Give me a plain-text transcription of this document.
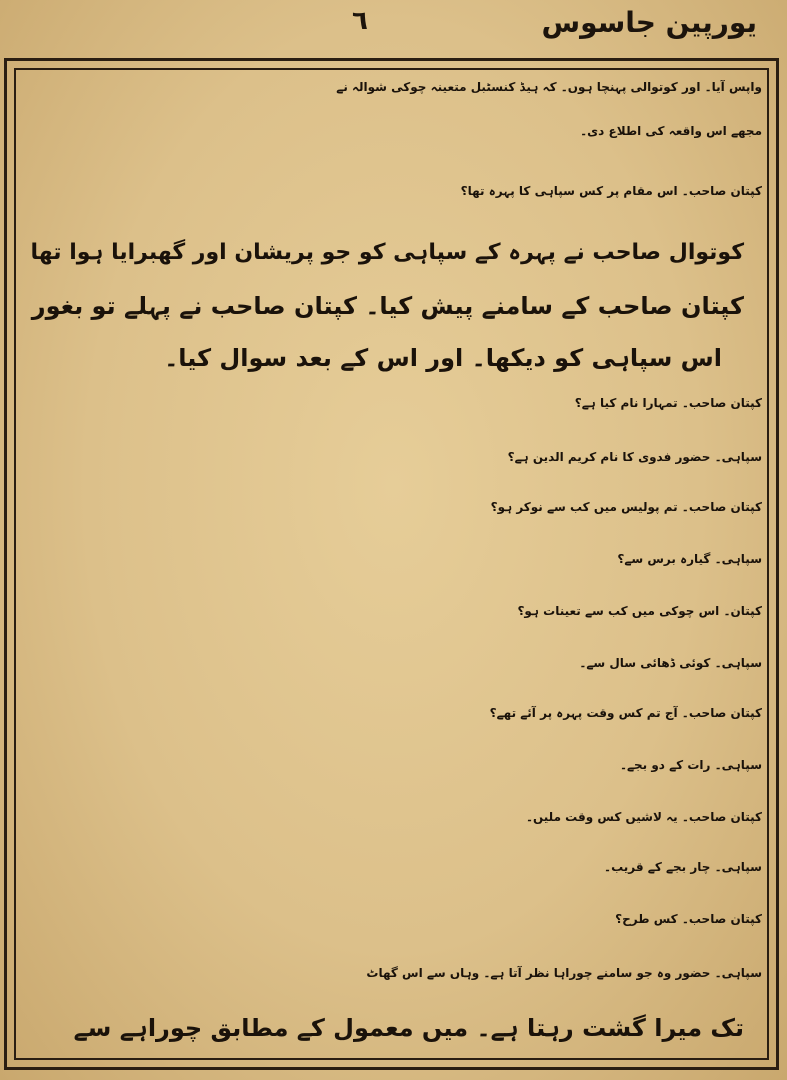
یورپین جاسوس
٦
واپس آیا۔ اور کوتوالی پہنچا ہوں۔ کہ ہیڈ کنسٹبل متعینہ چوکی شوالہ نے
مجھے اس واقعہ کی اطلاع دی۔
کپتان صاحب۔ اس مقام پر کس سپاہی کا پہرہ تھا؟
کوتوال صاحب نے پہرہ کے سپاہی کو جو پریشان اور گھبرایا ہوا تھا
کپتان صاحب کے سامنے پیش کیا۔ کپتان صاحب نے پہلے تو بغور
اس سپاہی کو دیکھا۔ اور اس کے بعد سوال کیا۔
کپتان صاحب۔ تمہارا نام کیا ہے؟
سپاہی۔ حضور فدوی کا نام کریم الدین ہے؟
کپتان صاحب۔ تم پولیس میں کب سے نوکر ہو؟
سپاہی۔ گیارہ برس سے؟
کپتان۔ اس چوکی میں کب سے تعینات ہو؟
سپاہی۔ کوئی ڈھائی سال سے۔
کپتان صاحب۔ آج تم کس وقت پہرہ پر آئے تھے؟
سپاہی۔ رات کے دو بجے۔
کپتان صاحب۔ یہ لاشیں کس وقت ملیں۔
سپاہی۔ چار بجے کے قریب۔
کپتان صاحب۔ کس طرح؟
سپاہی۔ حضور وہ جو سامنے چوراہا نظر آتا ہے۔ وہاں سے اس گھاٹ
تک میرا گشت رہتا ہے۔ میں معمول کے مطابق چوراہے سے
